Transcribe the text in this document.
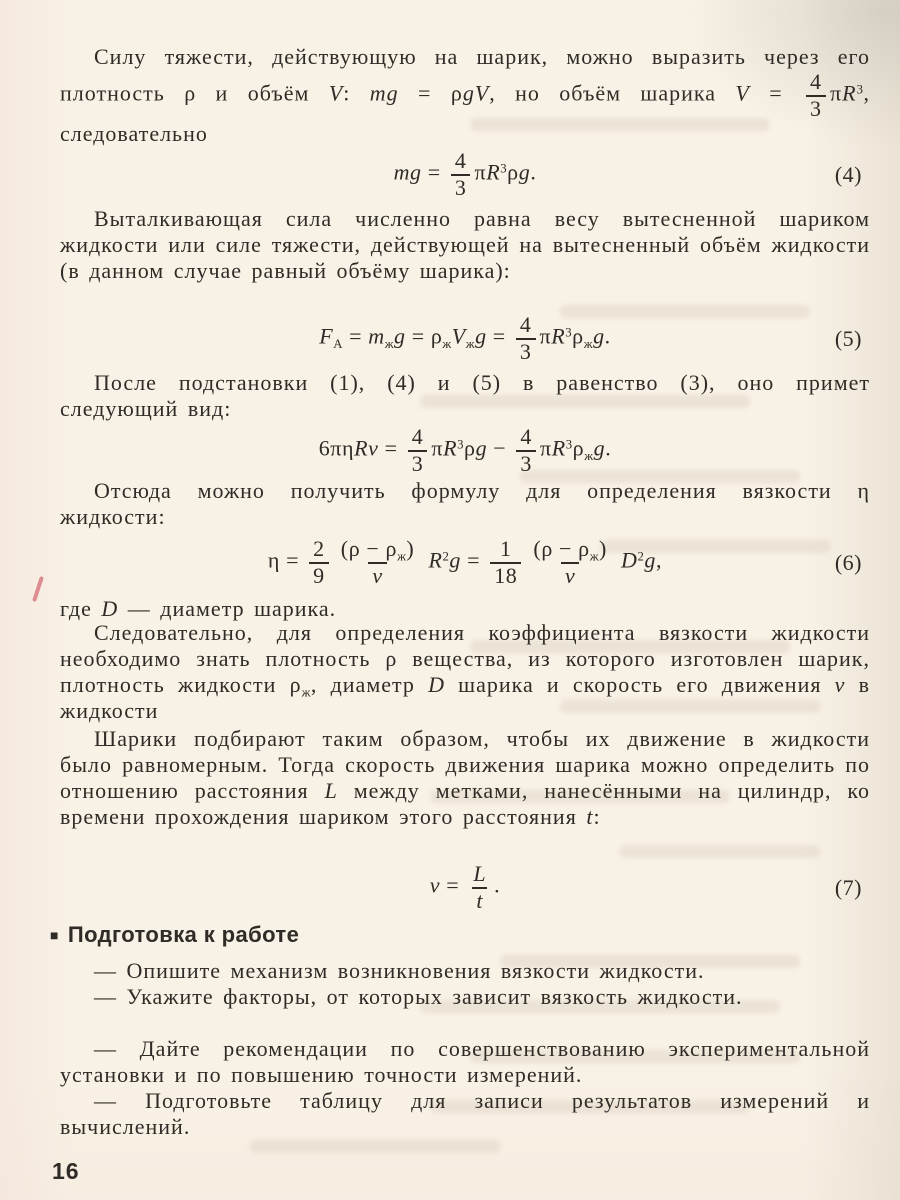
Силу тяжести, действующую на шарик, можно выразить через его плотность ρ и объём V: mg = ρgV, но объём шарика $V = \frac{4}{3} \pi R^3$, следовательно

mg = $\frac{4}{3} \pi R^3\rho g$.	(4)

Выталкивающая сила численно равна весу вытесненной шариком жидкости или силе тяжести, действующей на вытесненный объём жидкости (в данном случае равный объёму шарика):

$F_А = m_жg = \rho_жV_жg = \frac{4}{3} \pi R^3\rho_жg$.	(5)

После подстановки (1), (4) и (5) в равенство (3), оно примет следующий вид:

$6\pi\eta Rv = \frac{4}{3} \pi R^3\rho g - \frac{4}{3} \pi R^3\rho_жg$.

Отсюда можно получить формулу для определения вязкости η жидкости:

$\eta = \frac{2}{9} \frac{(\rho - \rho_ж)}{v} R^2g = \frac{1}{18} \frac{(\rho - \rho_ж)}{v} D^2g$,	(6)

где D — диаметр шарика.

Следовательно, для определения коэффициента вязкости жидкости необходимо знать плотность ρ вещества, из которого изготовлен шарик, плотность жидкости $\rho_ж$, диаметр D шарика и скорость его движения v в жидкости

Шарики подбирают таким образом, чтобы их движение в жидкости было равномерным. Тогда скорость движения шарика можно определить по отношению расстояния L между метками, нанесёнными на цилиндр, ко времени прохождения шариком этого расстояния t:

$v = \frac{L}{t}$ .	(7)
■ Подготовка к работе

— Опишите механизм возникновения вязкости жидкости.

— Укажите факторы, от которых зависит вязкость жидкости.

— Дайте рекомендации по совершенствованию экспериментальной установки и по повышению точности измерений.

— Подготовьте таблицу для записи результатов измерений и вычислений.

16
